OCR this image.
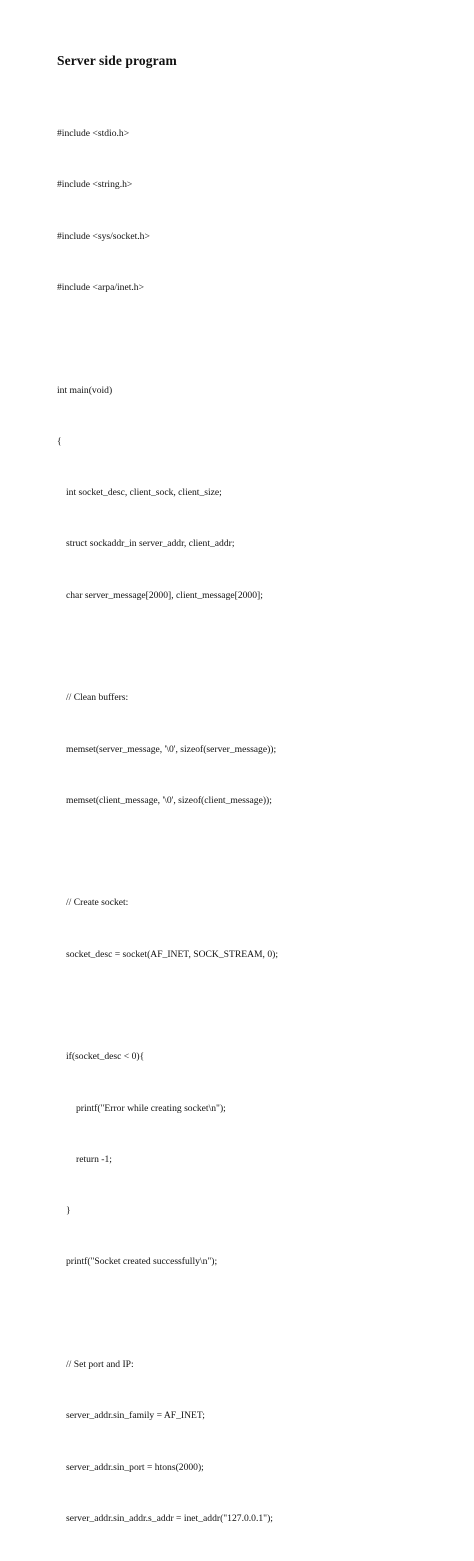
Server side program

#include <stdio.h>

#include <string.h>

#include <sys/socket.h>

#include <arpa/inet.h>

int main(void)

{

int socket_desc, client_sock, client_size;

struct sockaddr_in server_addr, client_addr;

char server_message[2000], client_message[2000];

// Clean buffers:

memset(server_message, '\0', sizeof(server_message));

memset(client_message, '\0', sizeof(client_message));

// Create socket:

socket_desc = socket(AF_INET, SOCK_STREAM, 0);

if(socket_desc < 0){

printf("Error while creating socket\n");

return -1;

}

printf("Socket created successfully\n");

// Set port and IP:

server_addr.sin_family = AF_INET;

server_addr.sin_port = htons(2000);

server_addr.sin_addr.s_addr = inet_addr("127.0.0.1");
